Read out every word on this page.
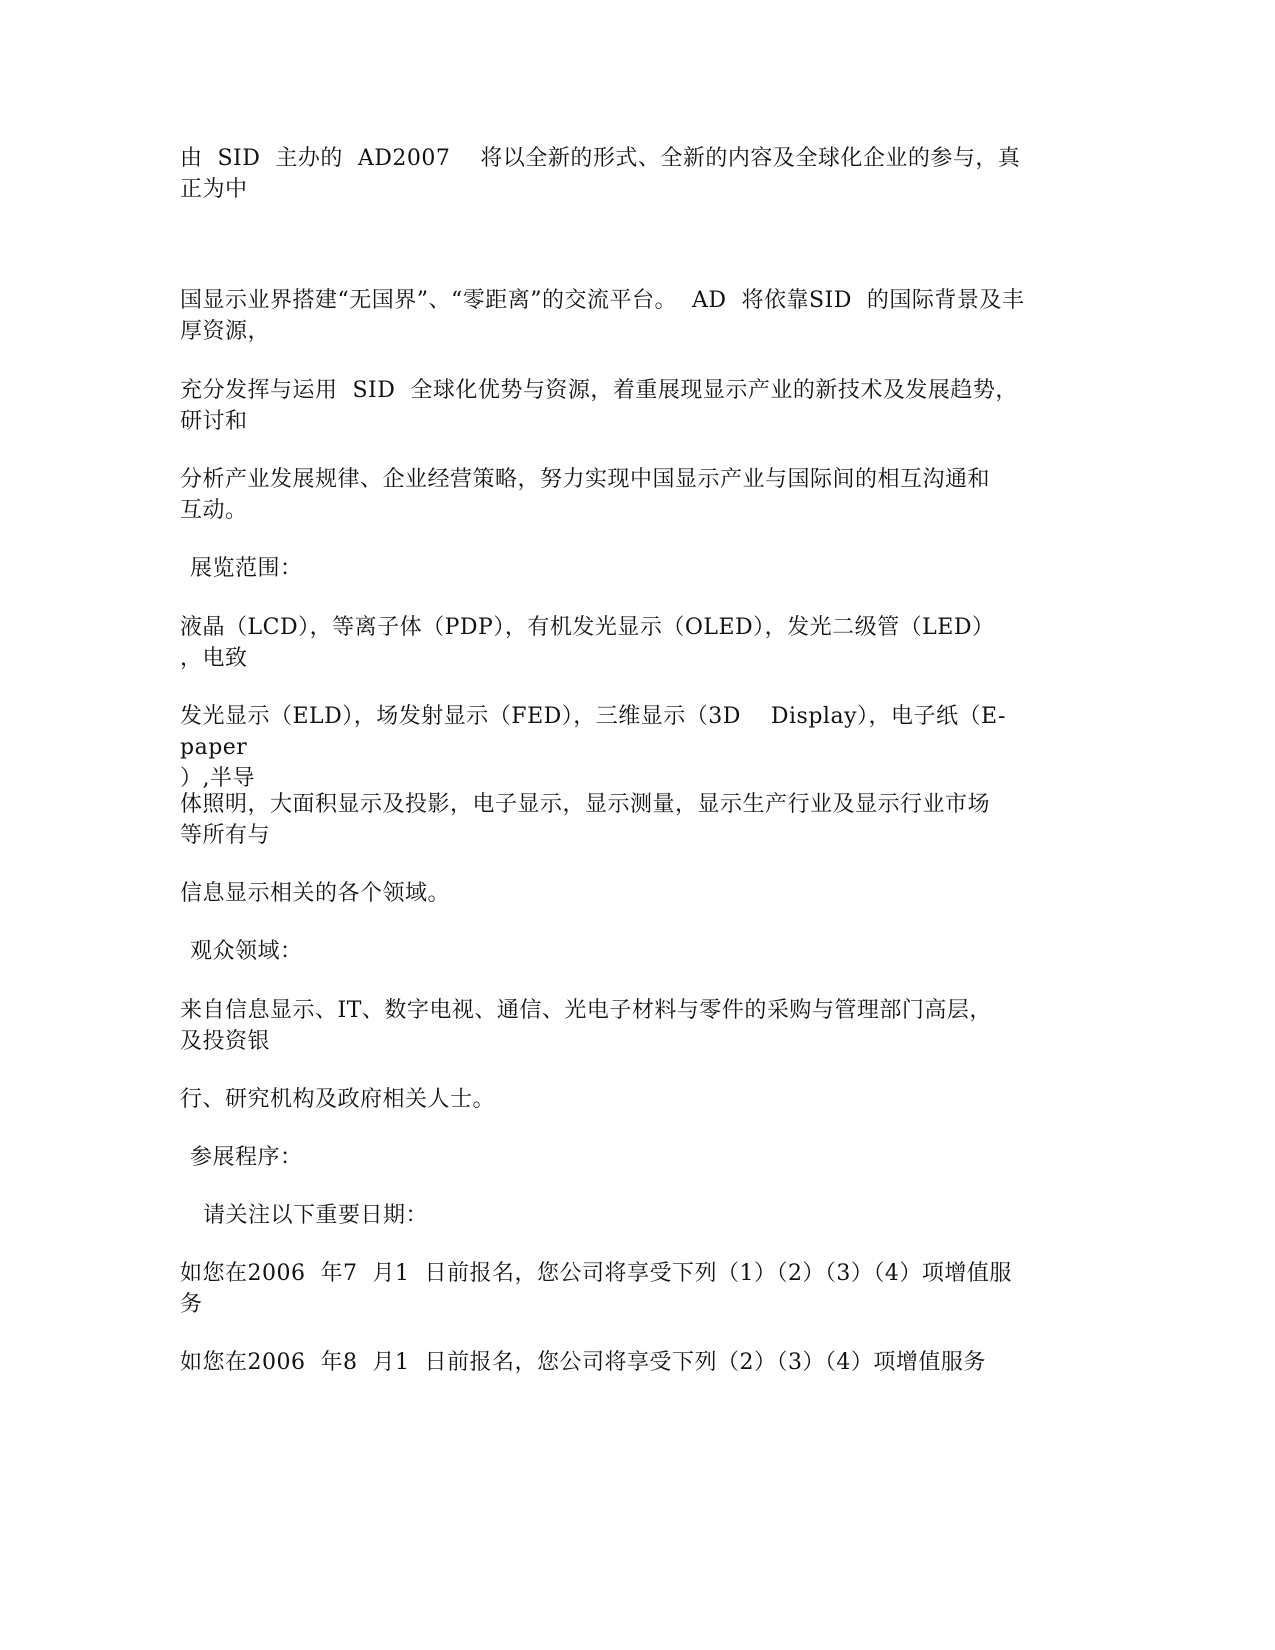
由  SID  主办的  AD2007    将以全新的形式、全新的内容及全球化企业的参与，真
正为中
国显示业界搭建“无国界”、“零距离”的交流平台。  AD  将依靠SID  的国际背景及丰
厚资源，
充分发挥与运用  SID  全球化优势与资源，着重展现显示产业的新技术及发展趋势，
研讨和
分析产业发展规律、企业经营策略，努力实现中国显示产业与国际间的相互沟通和
互动。
展览范围：
液晶（LCD），等离子体（PDP），有机发光显示（OLED），发光二级管（LED）
，电致
发光显示（ELD），场发射显示（FED），三维显示（3D    Display），电子纸（E-paper
）,半导
体照明，大面积显示及投影，电子显示，显示测量，显示生产行业及显示行业市场
等所有与
信息显示相关的各个领域。
观众领域：
来自信息显示、IT、数字电视、通信、光电子材料与零件的采购与管理部门高层，
及投资银
行、研究机构及政府相关人士。
参展程序：
请关注以下重要日期：
如您在2006  年7  月1  日前报名，您公司将享受下列（1）（2）（3）（4）项增值服
务
如您在2006  年8  月1  日前报名，您公司将享受下列（2）（3）（4）项增值服务
